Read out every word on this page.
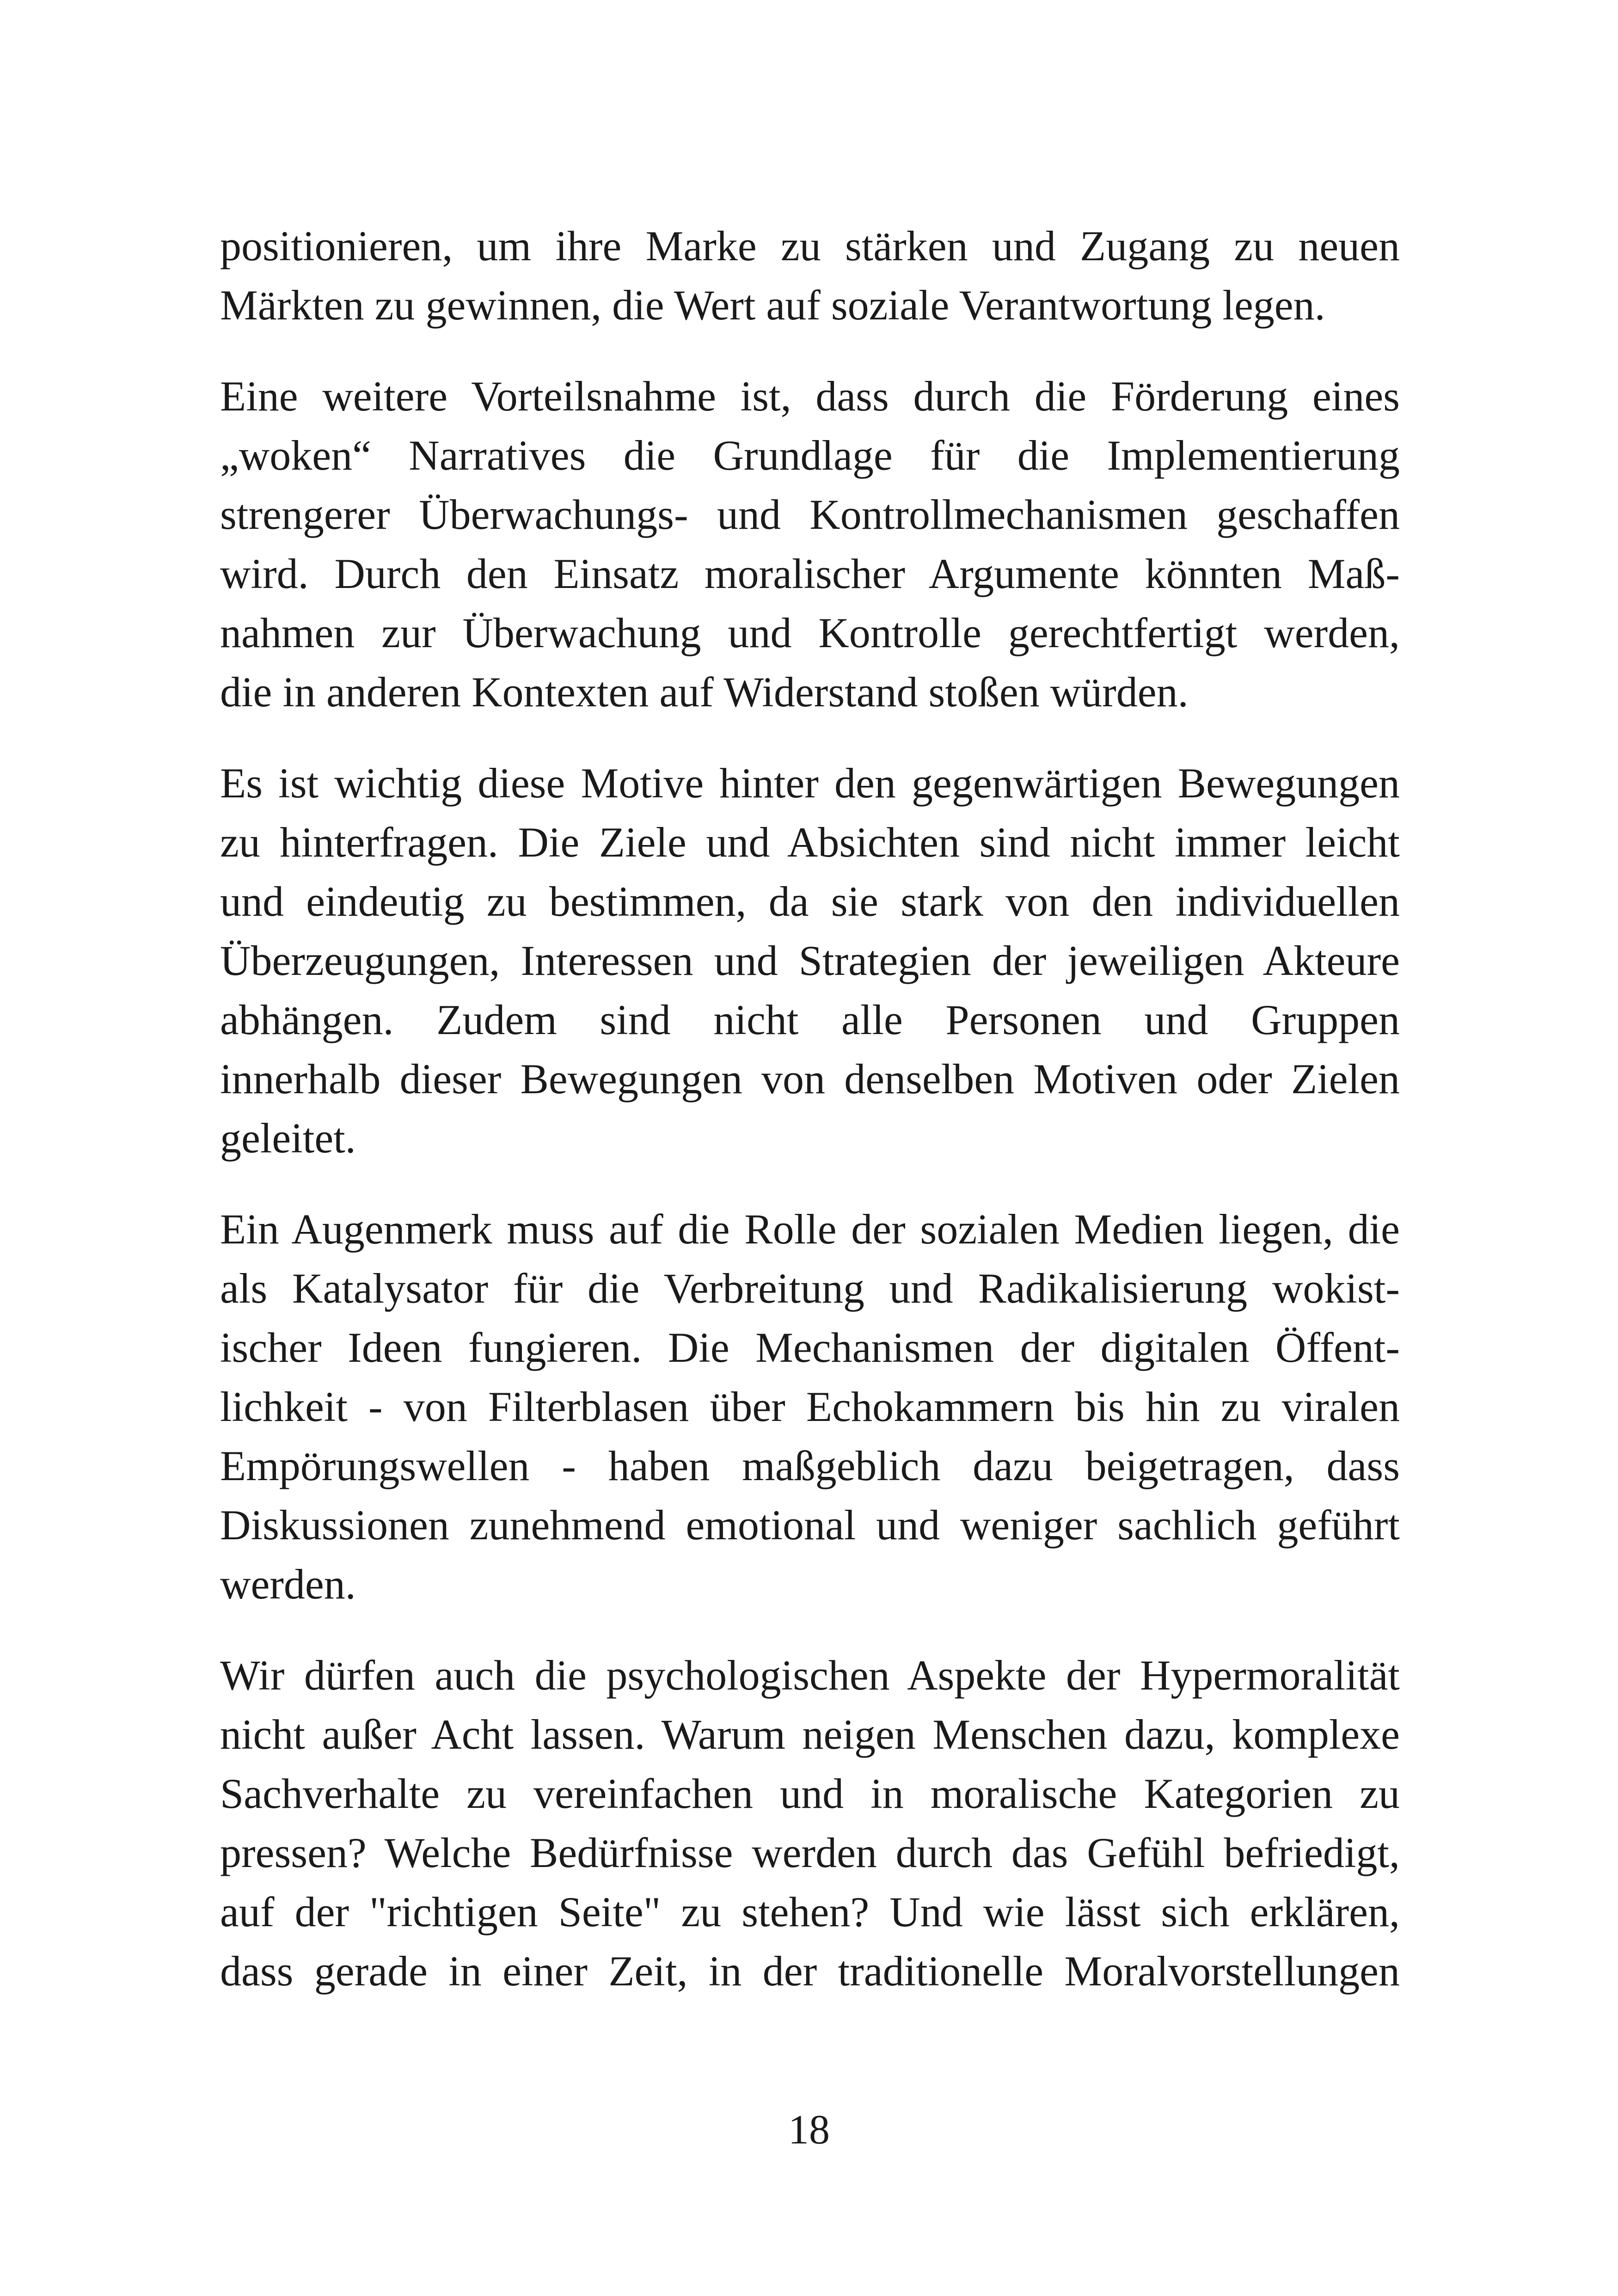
positionieren, um ihre Marke zu stärken und Zugang zu neuen
Märkten zu gewinnen, die Wert auf soziale Verantwortung legen.
Eine weitere Vorteilsnahme ist, dass durch die Förderung eines
„woken“ Narratives die Grundlage für die Implementierung
strengerer Überwachungs- und Kontrollmechanismen geschaffen
wird. Durch den Einsatz moralischer Argumente könnten Maß-
nahmen zur Überwachung und Kontrolle gerechtfertigt werden,
die in anderen Kontexten auf Widerstand stoßen würden.
Es ist wichtig diese Motive hinter den gegenwärtigen Bewegungen
zu hinterfragen. Die Ziele und Absichten sind nicht immer leicht
und eindeutig zu bestimmen, da sie stark von den individuellen
Überzeugungen, Interessen und Strategien der jeweiligen Akteure
abhängen. Zudem sind nicht alle Personen und Gruppen
innerhalb dieser Bewegungen von denselben Motiven oder Zielen
geleitet.
Ein Augenmerk muss auf die Rolle der sozialen Medien liegen, die
als Katalysator für die Verbreitung und Radikalisierung wokist-
ischer Ideen fungieren. Die Mechanismen der digitalen Öffent-
lichkeit - von Filterblasen über Echokammern bis hin zu viralen
Empörungswellen - haben maßgeblich dazu beigetragen, dass
Diskussionen zunehmend emotional und weniger sachlich geführt
werden.
Wir dürfen auch die psychologischen Aspekte der Hypermoralität
nicht außer Acht lassen. Warum neigen Menschen dazu, komplexe
Sachverhalte zu vereinfachen und in moralische Kategorien zu
pressen? Welche Bedürfnisse werden durch das Gefühl befriedigt,
auf der "richtigen Seite" zu stehen? Und wie lässt sich erklären,
dass gerade in einer Zeit, in der traditionelle Moralvorstellungen
18
